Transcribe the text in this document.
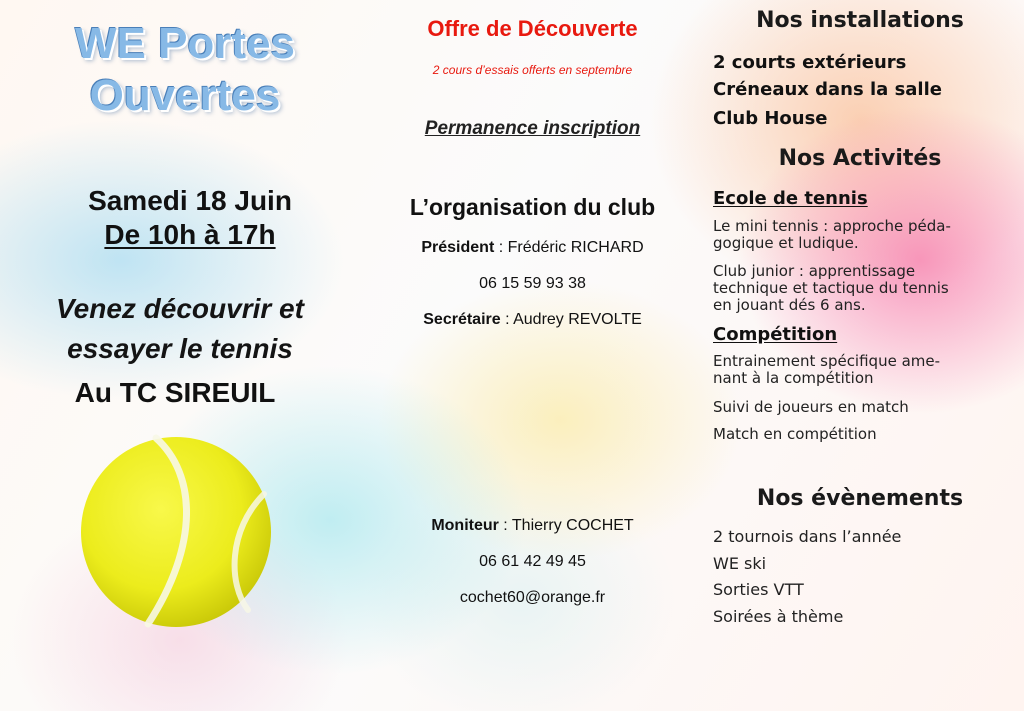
WE Portes
Ouvertes
Samedi 18 Juin
De 10h à 17h
Venez découvrir et
essayer le tennis
Au TC SIREUIL
Offre de Découverte
2 cours d’essais offerts en septembre
Permanence inscription
L’organisation du club
Président : Frédéric RICHARD
06 15 59 93 38
Secrétaire : Audrey REVOLTE
Moniteur : Thierry COCHET
06 61 42 49 45
cochet60@orange.fr
Nos installations
2 courts extérieurs
Créneaux dans la salle
Club House
Nos Activités
Ecole de tennis
Le mini tennis : approche péda-
gogique et ludique.
Club junior : apprentissage
technique et tactique du tennis
en jouant dés 6 ans.
Compétition
Entrainement spécifique ame-
nant à la compétition
Suivi de joueurs en match
Match en compétition
Nos évènements
2 tournois dans l’année
WE ski
Sorties VTT
Soirées à thème
